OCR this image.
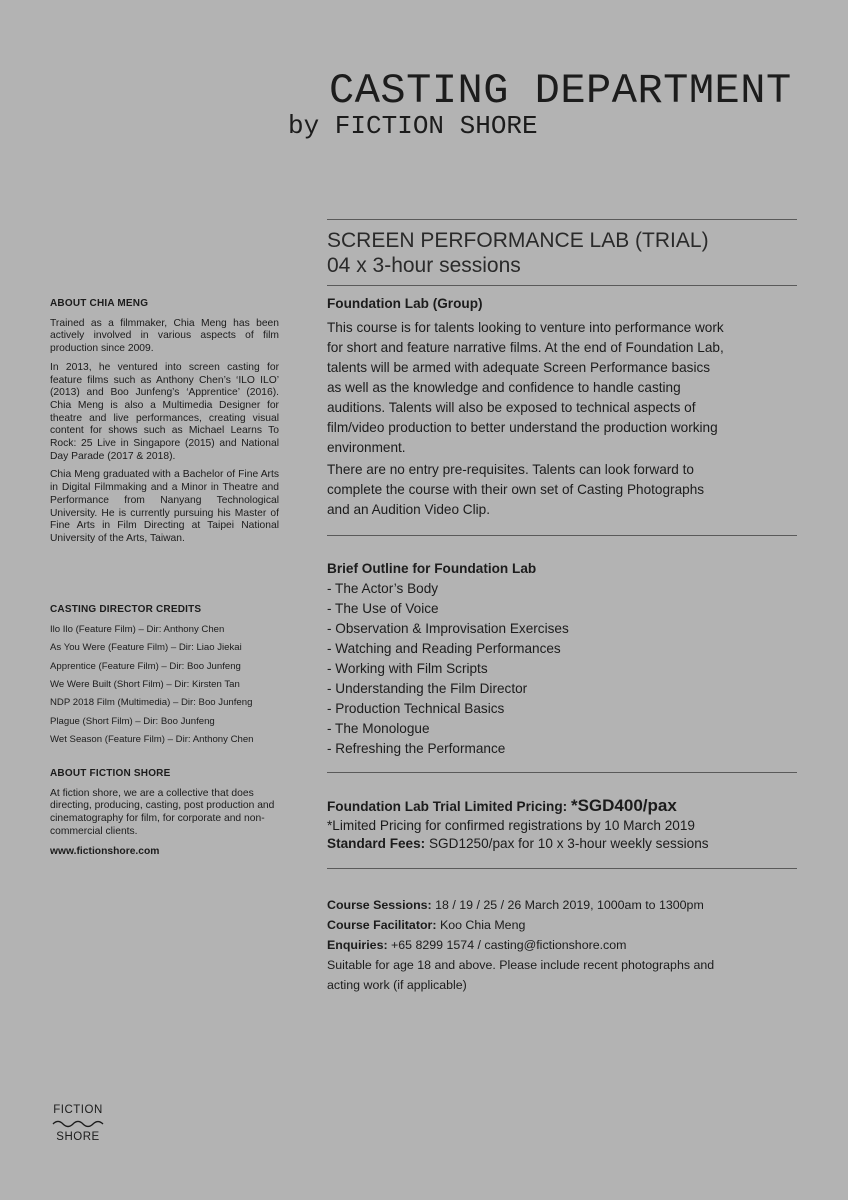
CASTING DEPARTMENT
by FICTION SHORE
SCREEN PERFORMANCE LAB (TRIAL)
04 x 3-hour sessions
ABOUT CHIA MENG

Trained as a filmmaker, Chia Meng has been actively involved in various aspects of film production since 2009.

In 2013, he ventured into screen casting for feature films such as Anthony Chen’s ‘ILO ILO’ (2013) and Boo Junfeng’s ‘Apprentice’ (2016). Chia Meng is also a Multimedia Designer for theatre and live performances, creating visual content for shows such as Michael Learns To Rock: 25 Live in Singapore (2015) and National Day Parade (2017 & 2018).

Chia Meng graduated with a Bachelor of Fine Arts in Digital Filmmaking and a Minor in Theatre and Performance from Nanyang Technological University. He is currently pursuing his Master of Fine Arts in Film Directing at Taipei National University of the Arts, Taiwan.

CASTING DIRECTOR CREDITS

Ilo Ilo (Feature Film) – Dir: Anthony Chen

As You Were (Feature Film) – Dir: Liao Jiekai

Apprentice (Feature Film) – Dir: Boo Junfeng

We Were Built (Short Film) – Dir: Kirsten Tan

NDP 2018 Film (Multimedia) – Dir: Boo Junfeng

Plague (Short Film) – Dir: Boo Junfeng

Wet Season (Feature Film) – Dir: Anthony Chen

ABOUT FICTION SHORE

At fiction shore, we are a collective that does directing, producing, casting, post production and cinematography for film, for corporate and non-commercial clients.

www.fictionshore.com

Foundation Lab (Group)

This course is for talents looking to venture into performance work for short and feature narrative films. At the end of Foundation Lab, talents will be armed with adequate Screen Performance basics as well as the knowledge and confidence to handle casting auditions. Talents will also be exposed to technical aspects of film/video production to better understand the production working environment.

There are no entry pre-requisites. Talents can look forward to complete the course with their own set of Casting Photographs and an Audition Video Clip.

Brief Outline for Foundation Lab

- The Actor’s Body

- The Use of Voice

- Observation & Improvisation Exercises

- Watching and Reading Performances

- Working with Film Scripts

- Understanding the Film Director

- Production Technical Basics

- The Monologue

- Refreshing the Performance

Foundation Lab Trial Limited Pricing: *SGD400/pax

*Limited Pricing for confirmed registrations by 10 March 2019

Standard Fees: SGD1250/pax for 10 x 3-hour weekly sessions

Course Sessions: 18 / 19 / 25 / 26 March 2019, 1000am to 1300pm

Course Facilitator: Koo Chia Meng

Enquiries: +65 8299 1574 / casting@fictionshore.com

Suitable for age 18 and above. Please include recent photographs and acting work (if applicable)

FICTION
SHORE
